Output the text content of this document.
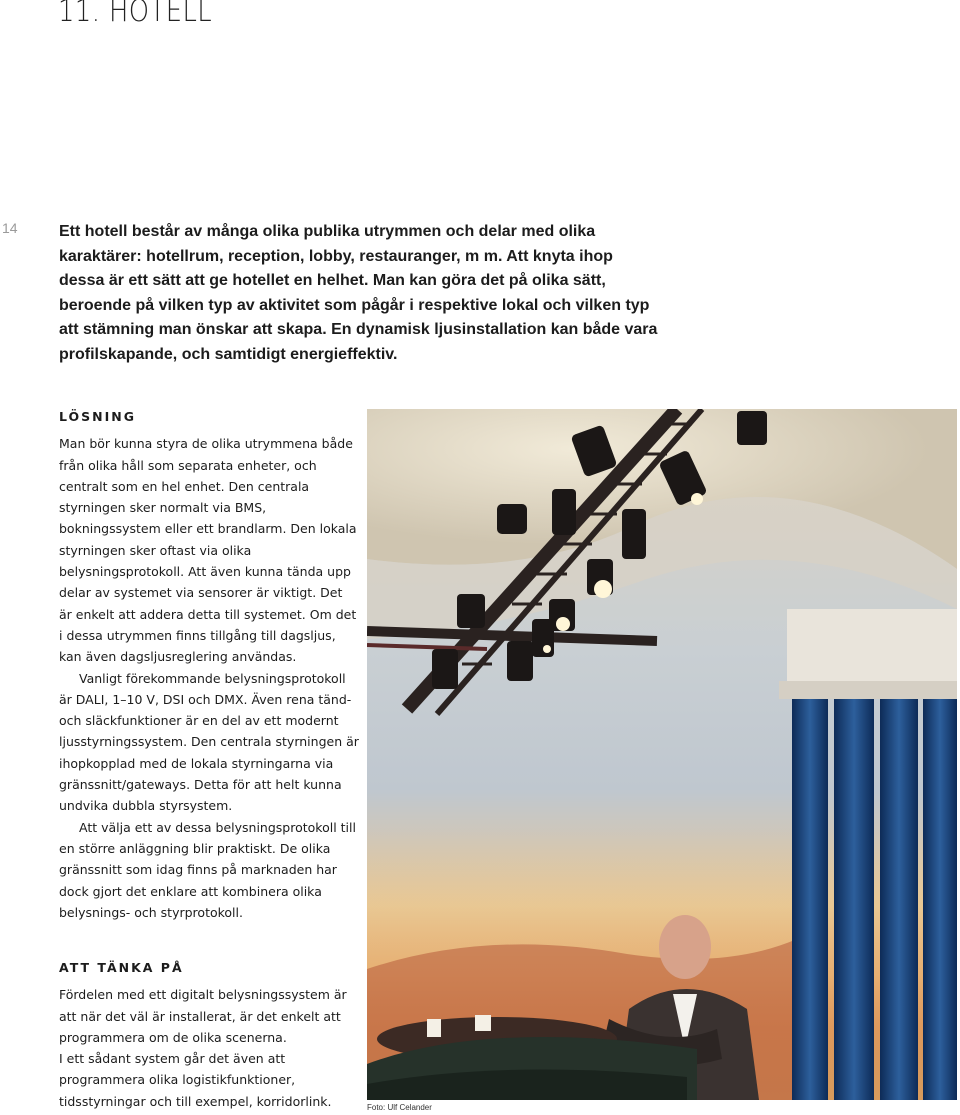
11. HOTELL
14	Ett hotell består av många olika publika utrymmen och delar med olika karaktärer: hotellrum, reception, lobby, restauranger, m m. Att knyta ihop dessa är ett sätt att ge hotellet en helhet. Man kan göra det på olika sätt, beroende på vilken typ av aktivitet som pågår i respektive lokal och vilken typ att stämning man önskar att skapa. En dynamisk ljusinstallation kan både vara profilskapande, och samtidigt energieffektiv.

LÖSNING

Man bör kunna styra de olika utrymmena både från olika håll som separata enheter, och centralt som en hel enhet. Den centrala styrningen sker normalt via BMS, bokningssystem eller ett brandlarm. Den lokala styrningen sker oftast via olika belysningsprotokoll. Att även kunna tända upp delar av systemet via sensorer är viktigt. Det är enkelt att addera detta till systemet. Om det i dessa utrymmen finns tillgång till dagsljus, kan även dagsljusreglering användas.

Vanligt förekommande belysningsprotokoll är DALI, 1–10 V, DSI och DMX. Även rena tänd- och släckfunktioner är en del av ett modernt ljusstyrningssystem. Den centrala styrningen är ihopkopplad med de lokala styrningarna via gränssnitt/gateways. Detta för att helt kunna undvika dubbla styrsystem.

Att välja ett av dessa belysningsprotokoll till en större anläggning blir praktiskt. De olika gränssnitt som idag finns på marknaden har dock gjort det enklare att kombinera olika belysnings- och styrprotokoll.

ATT TÄNKA PÅ

Fördelen med ett digitalt belysningssystem är att när det väl är installerat, är det enkelt att programmera om de olika scenerna.

I ett sådant system går det även att programmera olika logistikfunktioner, tidsstyrningar och till exempel, korridorlink.	Foto: Ulf Celander
